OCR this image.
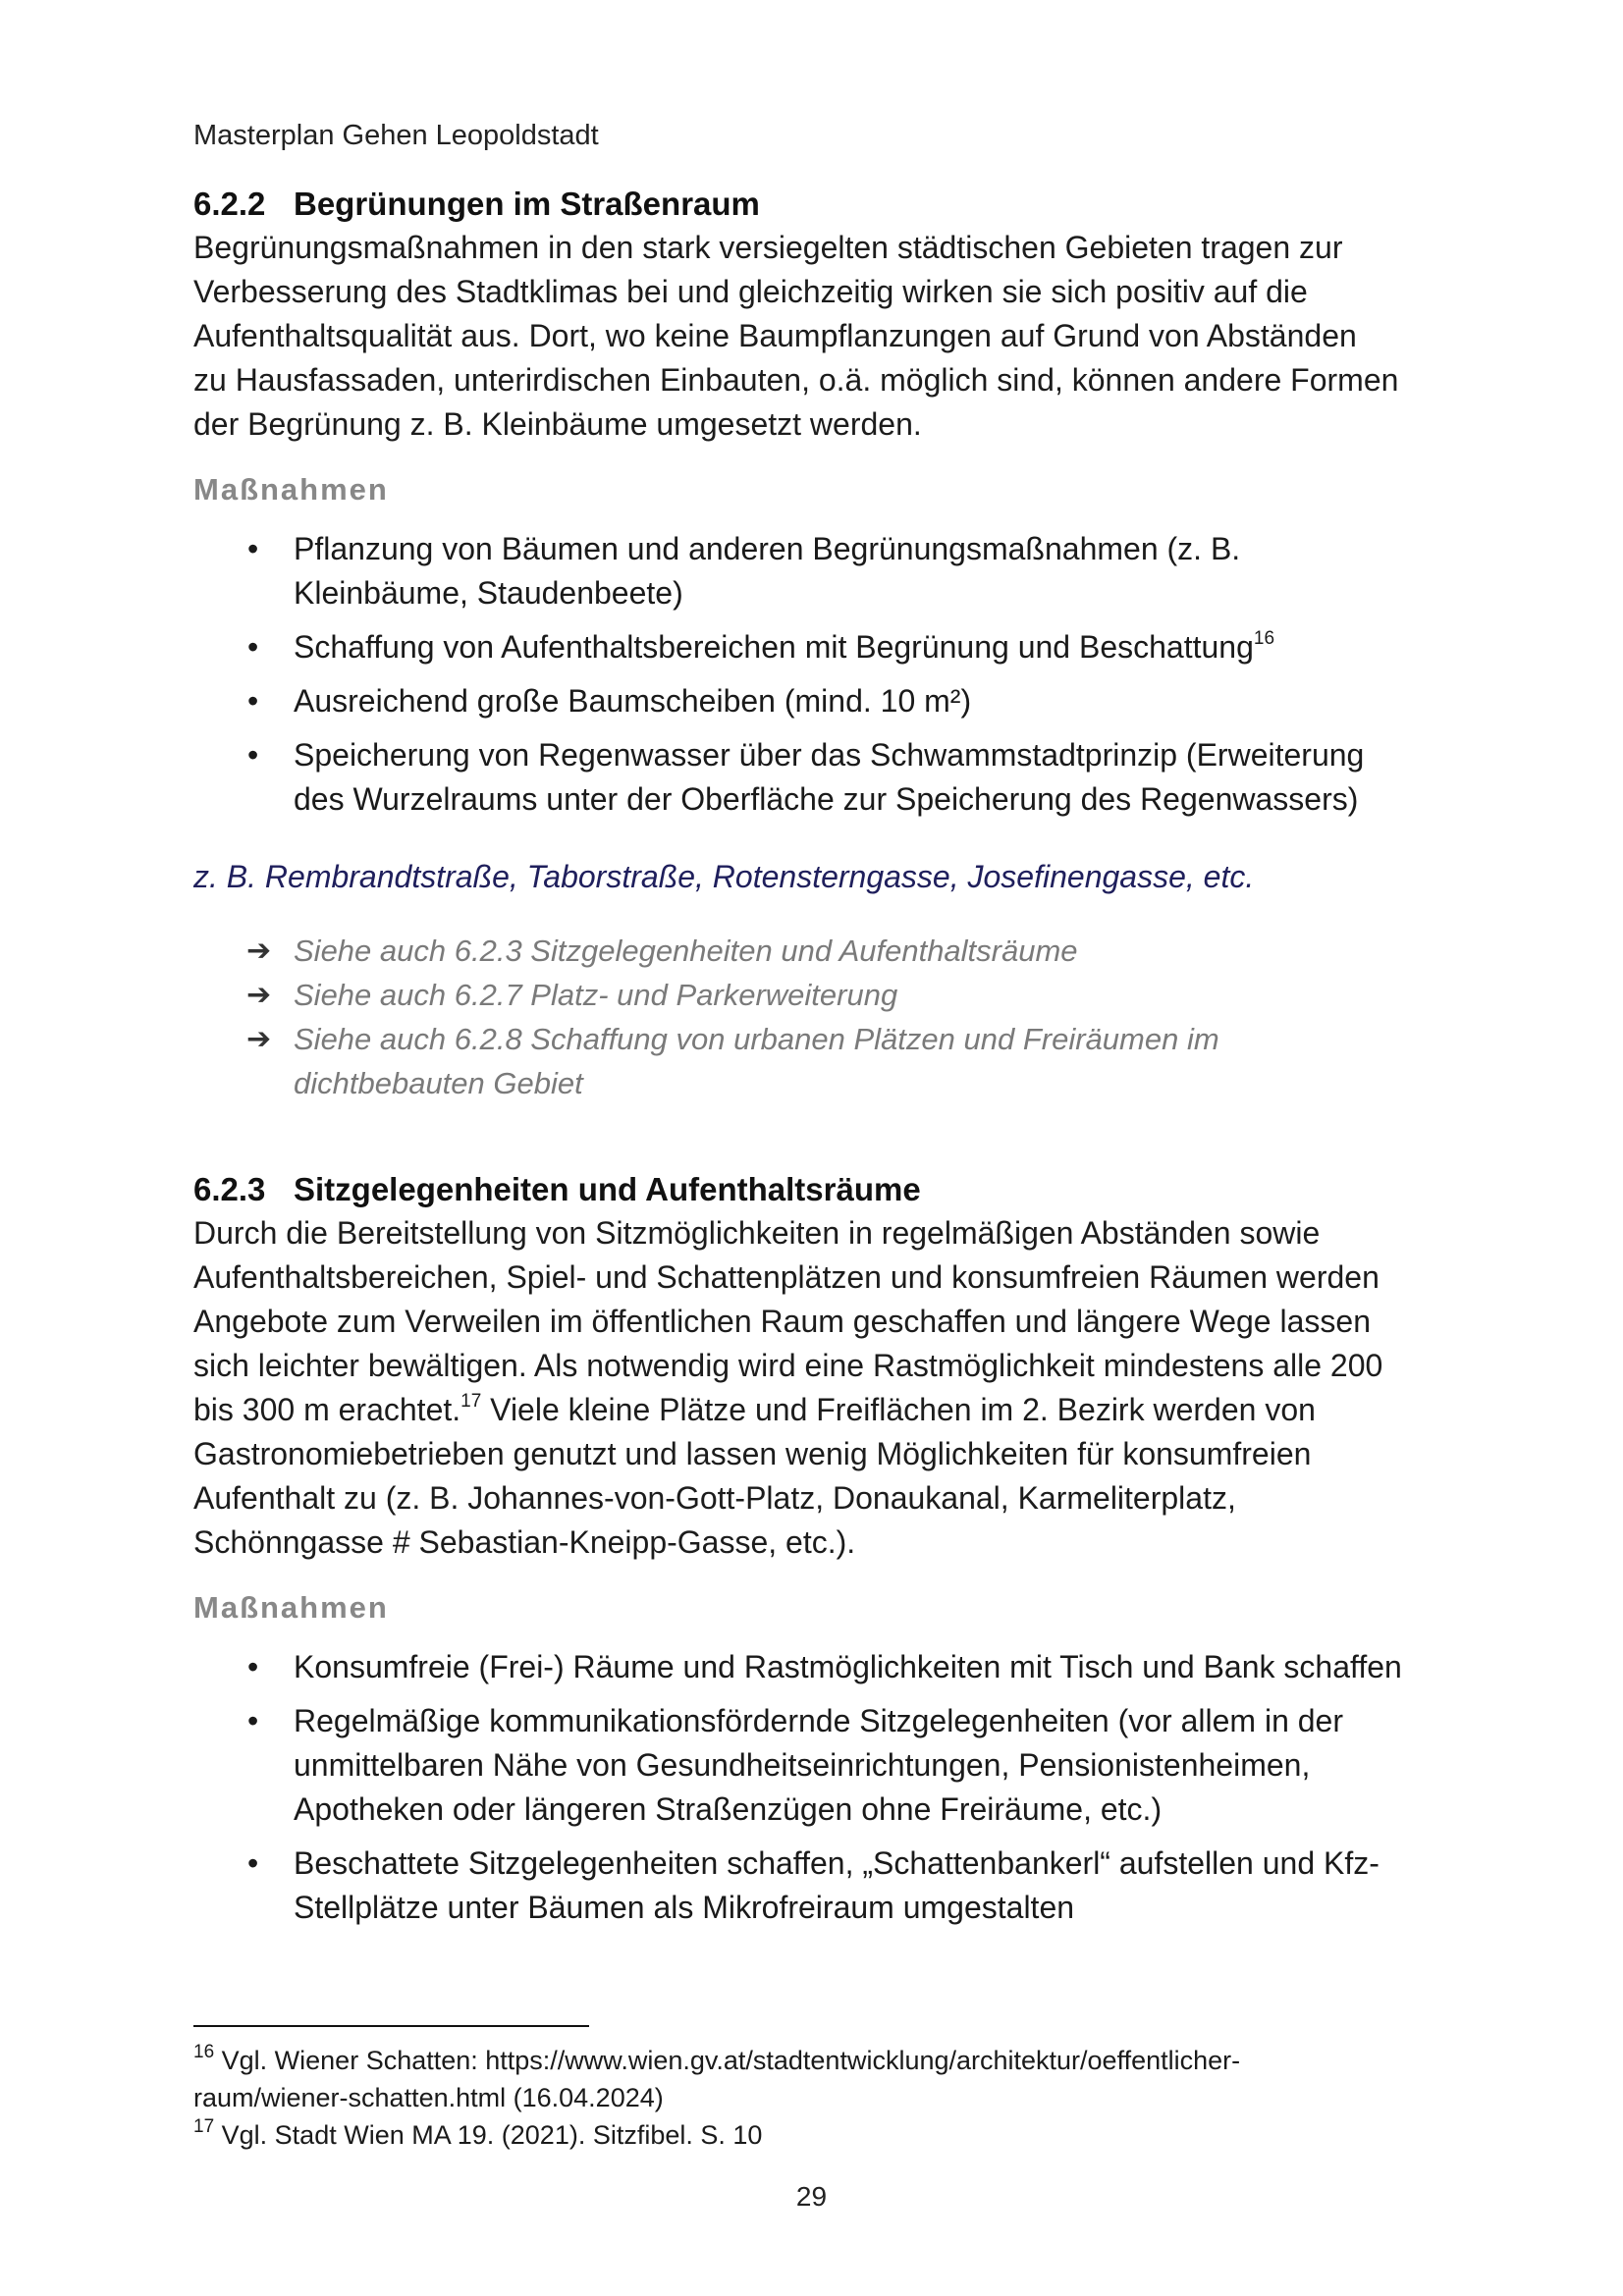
Masterplan Gehen Leopoldstadt
6.2.2 Begrünungen im Straßenraum

Begrünungsmaßnahmen in den stark versiegelten städtischen Gebieten tragen zur
Verbesserung des Stadtklimas bei und gleichzeitig wirken sie sich positiv auf die
Aufenthaltsqualität aus. Dort, wo keine Baumpflanzungen auf Grund von Abständen
zu Hausfassaden, unterirdischen Einbauten, o.ä. möglich sind, können andere Formen
der Begrünung z. B. Kleinbäume umgesetzt werden.

Maßnahmen
• Pflanzung von Bäumen und anderen Begrünungsmaßnahmen (z. B.
Kleinbäume, Staudenbeete)
• Schaffung von Aufenthaltsbereichen mit Begrünung und Beschattung$^{16}$
• Ausreichend große Baumscheiben (mind. 10 m²)
• Speicherung von Regenwasser über das Schwammstadtprinzip (Erweiterung
des Wurzelraums unter der Oberfläche zur Speicherung des Regenwassers)
z. B. Rembrandtstraße, Taborstraße, Rotensterngasse, Josefinengasse, etc.
➔ Siehe auch 6.2.3 Sitzgelegenheiten und Aufenthaltsräume
➔ Siehe auch 6.2.7 Platz- und Parkerweiterung
➔ Siehe auch 6.2.8 Schaffung von urbanen Plätzen und Freiräumen im
dichtbebauten Gebiet
6.2.3 Sitzgelegenheiten und Aufenthaltsräume

Durch die Bereitstellung von Sitzmöglichkeiten in regelmäßigen Abständen sowie
Aufenthaltsbereichen, Spiel- und Schattenplätzen und konsumfreien Räumen werden
Angebote zum Verweilen im öffentlichen Raum geschaffen und längere Wege lassen
sich leichter bewältigen. Als notwendig wird eine Rastmöglichkeit mindestens alle 200
bis 300 m erachtet.$^{17}$ Viele kleine Plätze und Freiflächen im 2. Bezirk werden von
Gastronomiebetrieben genutzt und lassen wenig Möglichkeiten für konsumfreien
Aufenthalt zu (z. B. Johannes-von-Gott-Platz, Donaukanal, Karmeliterplatz,
Schönngasse # Sebastian-Kneipp-Gasse, etc.).

Maßnahmen
• Konsumfreie (Frei-) Räume und Rastmöglichkeiten mit Tisch und Bank schaffen
• Regelmäßige kommunikationsfördernde Sitzgelegenheiten (vor allem in der
unmittelbaren Nähe von Gesundheitseinrichtungen, Pensionistenheimen,
Apotheken oder längeren Straßenzügen ohne Freiräume, etc.)
• Beschattete Sitzgelegenheiten schaffen, „Schattenbankerl“ aufstellen und Kfz-
Stellplätze unter Bäumen als Mikrofreiraum umgestalten

$^{16}$ Vgl. Wiener Schatten: https://www.wien.gv.at/stadtentwicklung/architektur/oeffentlicher-
raum/wiener-schatten.html (16.04.2024)

$^{17}$ Vgl. Stadt Wien MA 19. (2021). Sitzfibel. S. 10

29
